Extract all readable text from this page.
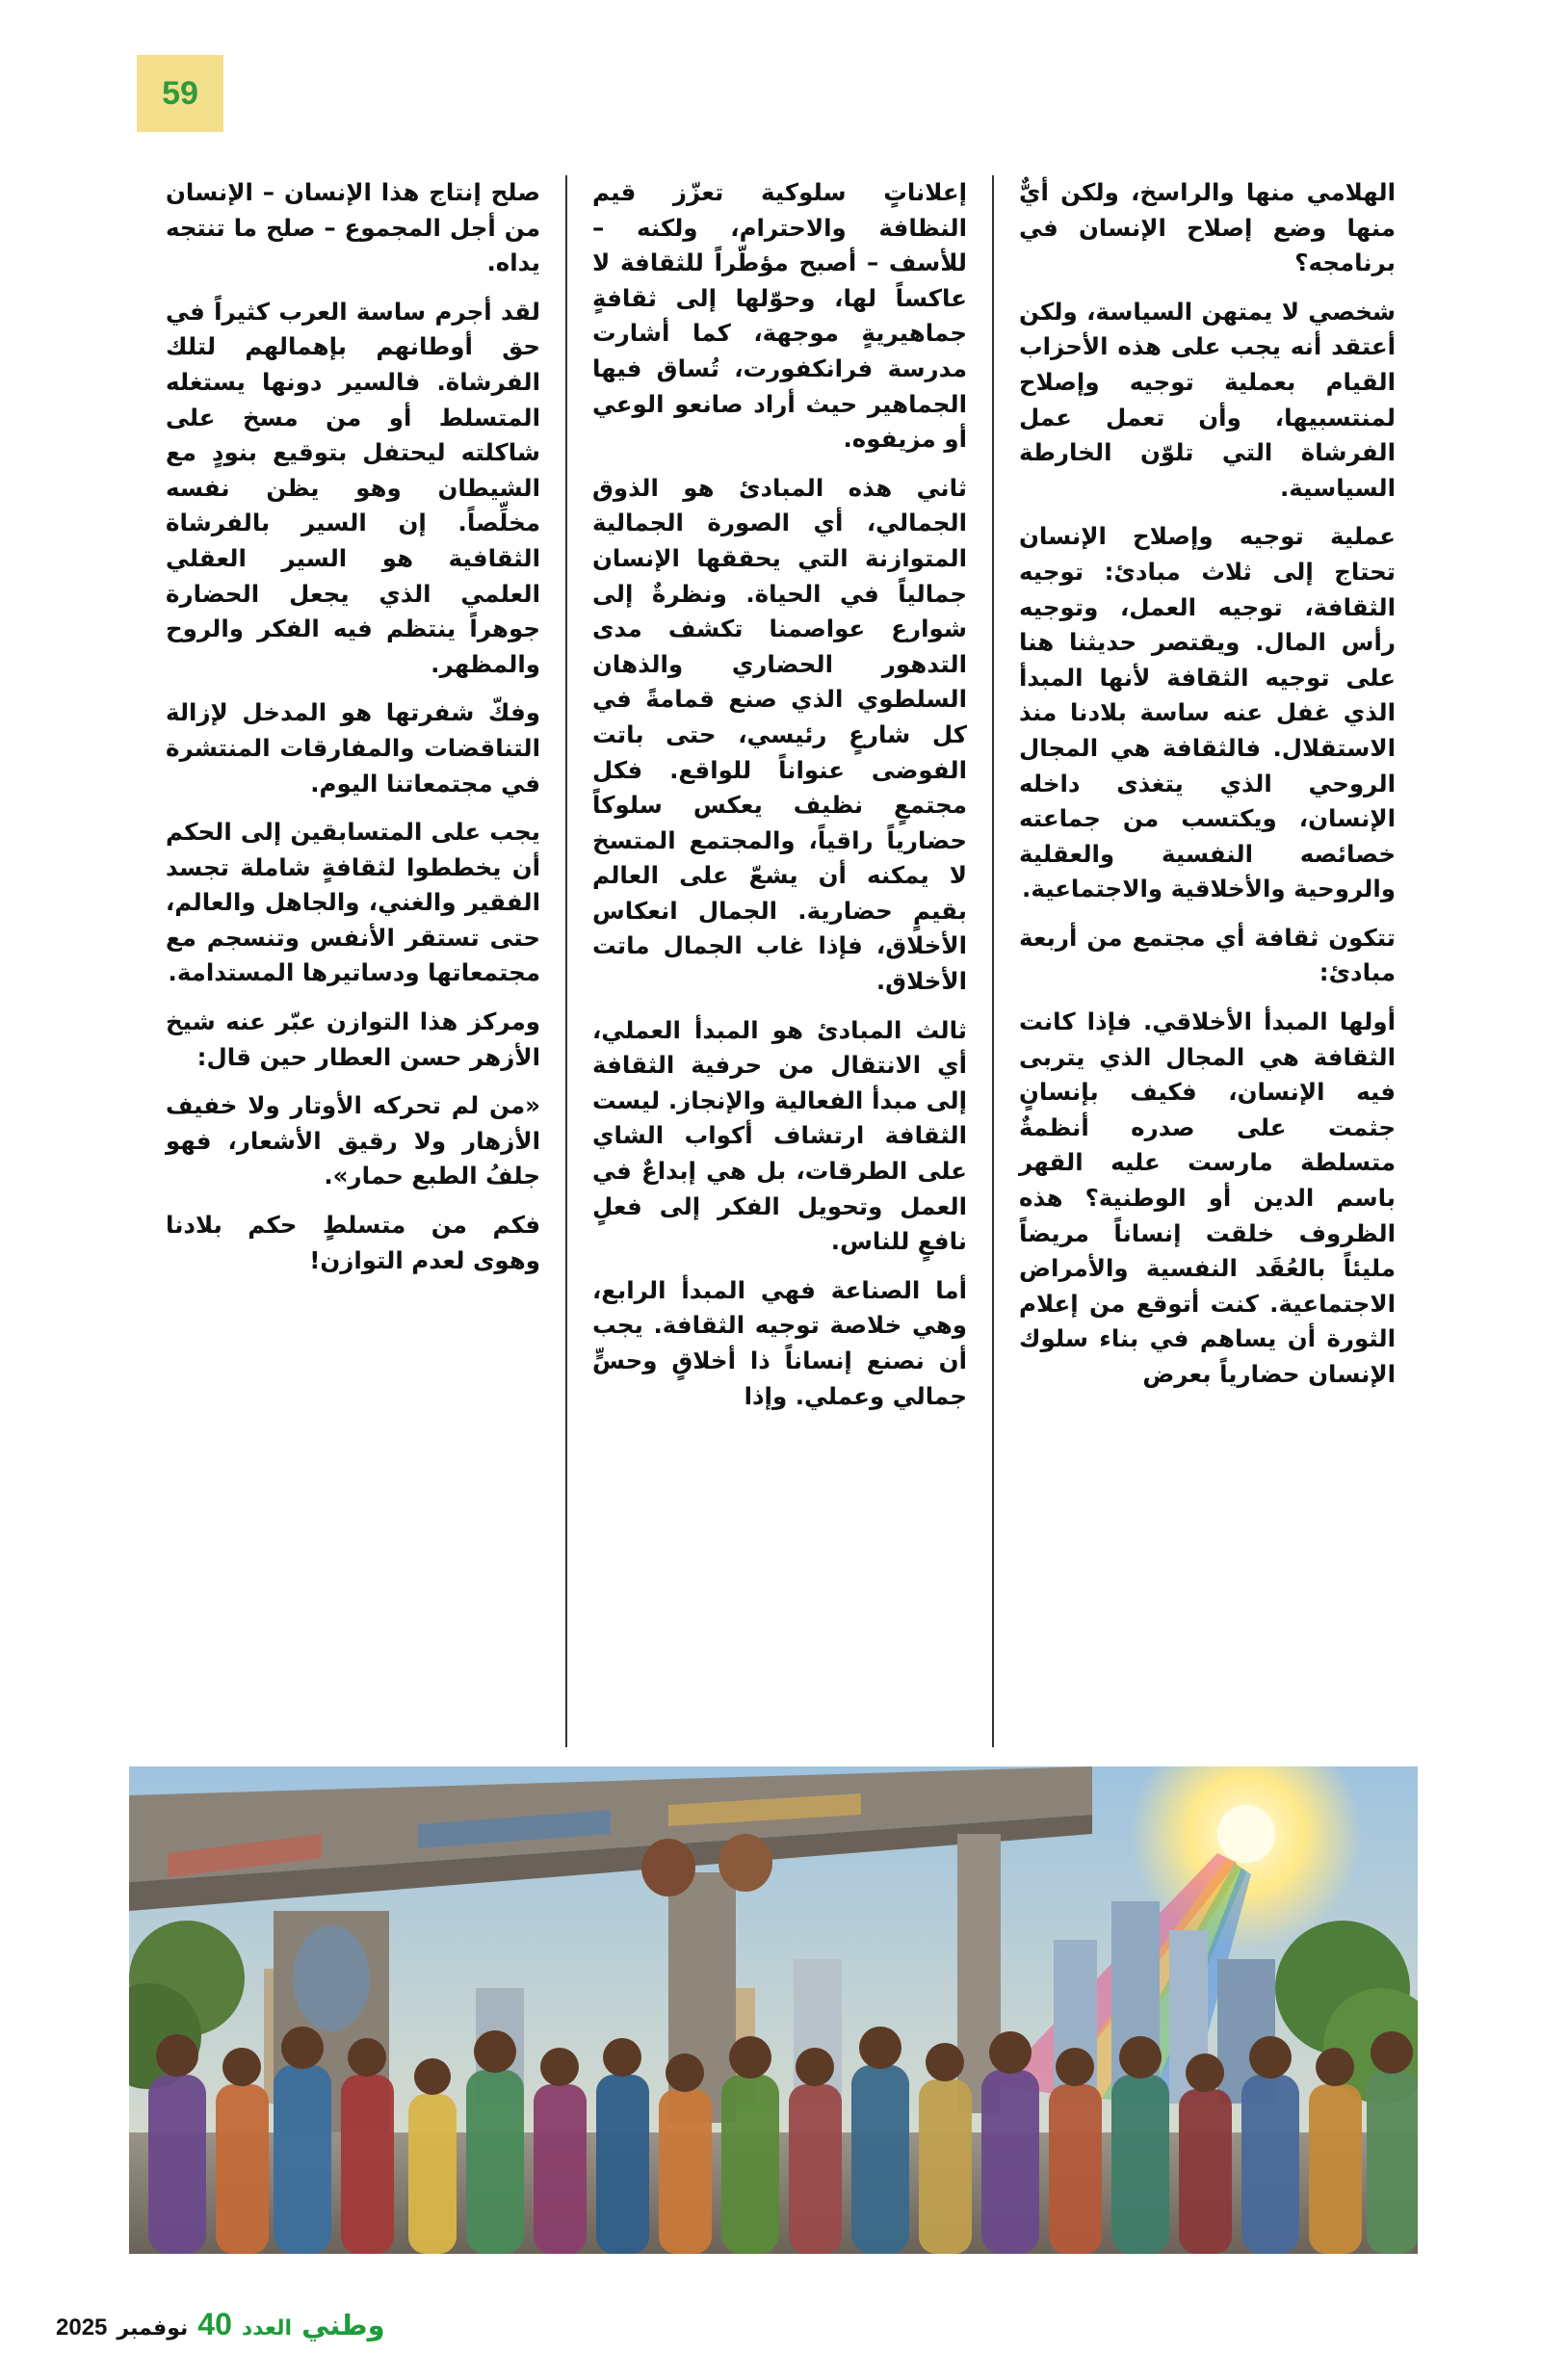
59

الهلامي منها والراسخ، ولكن أيٌّ منها وضع إصلاح الإنسان في برنامجه؟

شخصي لا يمتهن السياسة، ولكن أعتقد أنه يجب على هذه الأحزاب القيام بعملية توجيه وإصلاح لمنتسبيها، وأن تعمل عمل الفرشاة التي تلوّن الخارطة السياسية.

عملية توجيه وإصلاح الإنسان تحتاج إلى ثلاث مبادئ: توجيه الثقافة، توجيه العمل، وتوجيه رأس المال. ويقتصر حديثنا هنا على توجيه الثقافة لأنها المبدأ الذي غفل عنه ساسة بلادنا منذ الاستقلال. فالثقافة هي المجال الروحي الذي يتغذى داخله الإنسان، ويكتسب من جماعته خصائصه النفسية والعقلية والروحية والأخلاقية والاجتماعية.

تتكون ثقافة أي مجتمع من أربعة مبادئ:

أولها المبدأ الأخلاقي. فإذا كانت الثقافة هي المجال الذي يتربى فيه الإنسان، فكيف بإنسانٍ جثمت على صدره أنظمةٌ متسلطة مارست عليه القهر باسم الدين أو الوطنية؟ هذه الظروف خلقت إنساناً مريضاً مليئاً بالعُقَد النفسية والأمراض الاجتماعية. كنت أتوقع من إعلام الثورة أن يساهم في بناء سلوك الإنسان حضارياً بعرض

إعلاناتٍ سلوكية تعزّز قيم النظافة والاحترام، ولكنه – للأسف – أصبح مؤطّراً للثقافة لا عاكساً لها، وحوّلها إلى ثقافةٍ جماهيريةٍ موجهة، كما أشارت مدرسة فرانكفورت، تُساق فيها الجماهير حيث أراد صانعو الوعي أو مزيفوه.

ثاني هذه المبادئ هو الذوق الجمالي، أي الصورة الجمالية المتوازنة التي يحققها الإنسان جمالياً في الحياة. ونظرةٌ إلى شوارع عواصمنا تكشف مدى التدهور الحضاري والذهان السلطوي الذي صنع قمامةً في كل شارعٍ رئيسي، حتى باتت الفوضى عنواناً للواقع. فكل مجتمعٍ نظيف يعكس سلوكاً حضارياً راقياً، والمجتمع المتسخ لا يمكنه أن يشعّ على العالم بقيمٍ حضارية. الجمال انعكاس الأخلاق، فإذا غاب الجمال ماتت الأخلاق.

ثالث المبادئ هو المبدأ العملي، أي الانتقال من حرفية الثقافة إلى مبدأ الفعالية والإنجاز. ليست الثقافة ارتشاف أكواب الشاي على الطرقات، بل هي إبداعٌ في العمل وتحويل الفكر إلى فعلٍ نافعٍ للناس.

أما الصناعة فهي المبدأ الرابع، وهي خلاصة توجيه الثقافة. يجب أن نصنع إنساناً ذا أخلاقٍ وحسٍّ جمالي وعملي. وإذا

صلح إنتاج هذا الإنسان – الإنسان من أجل المجموع – صلح ما تنتجه يداه.

لقد أجرم ساسة العرب كثيراً في حق أوطانهم بإهمالهم لتلك الفرشاة. فالسير دونها يستغله المتسلط أو من مسخ على شاكلته ليحتفل بتوقيع بنودٍ مع الشيطان وهو يظن نفسه مخلِّصاً. إن السير بالفرشاة الثقافية هو السير العقلي العلمي الذي يجعل الحضارة جوهراً ينتظم فيه الفكر والروح والمظهر.

وفكّ شفرتها هو المدخل لإزالة التناقضات والمفارقات المنتشرة في مجتمعاتنا اليوم.

يجب على المتسابقين إلى الحكم أن يخططوا لثقافةٍ شاملة تجسد الفقير والغني، والجاهل والعالم، حتى تستقر الأنفس وتنسجم مع مجتمعاتها ودساتيرها المستدامة.

ومركز هذا التوازن عبّر عنه شيخ الأزهر حسن العطار حين قال:

«من لم تحركه الأوتار ولا خفيف الأزهار ولا رقيق الأشعار، فهو جلفُ الطبع حمار».

فكم من متسلطٍ حكم بلادنا وهوى لعدم التوازن!

وطني
العدد
40
نوفمبر
2025
